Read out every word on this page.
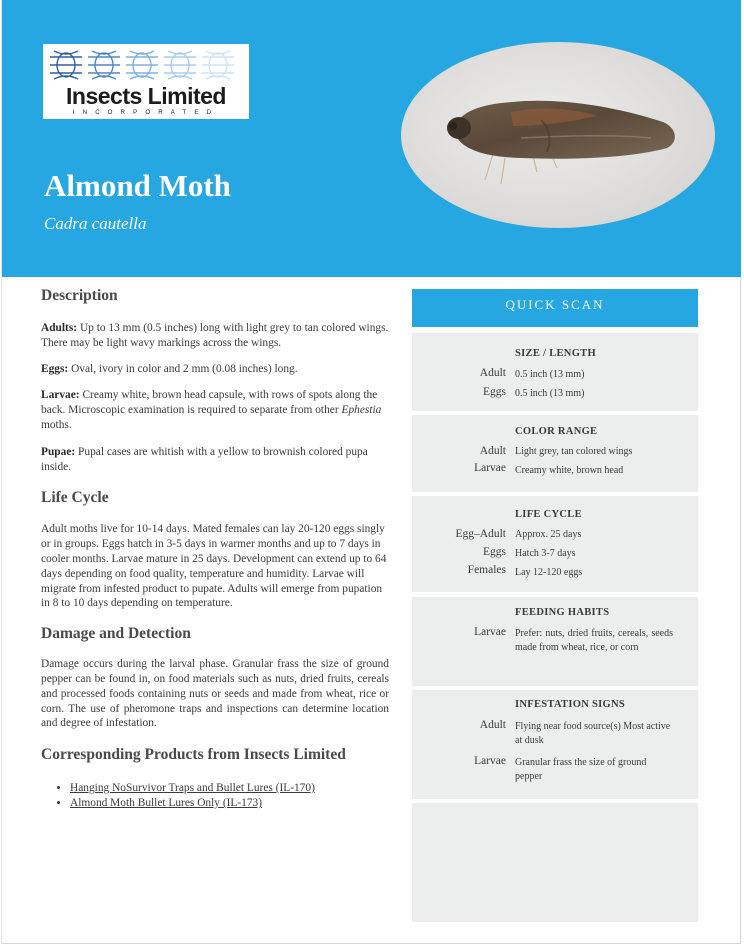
Insects Limited
INCORPORATED
Almond Moth
Cadra cautella
Description

Adults: Up to 13 mm (0.5 inches) long with light grey to tan colored wings. There may be light wavy markings across the wings.

Eggs: Oval, ivory in color and 2 mm (0.08 inches) long.

Larvae: Creamy white, brown head capsule, with rows of spots along the back. Microscopic examination is required to separate from other Ephestia moths.

Pupae: Pupal cases are whitish with a yellow to brownish colored pupa inside.

Life Cycle

Adult moths live for 10-14 days. Mated females can lay 20-120 eggs singly or in groups. Eggs hatch in 3-5 days in warmer months and up to 7 days in cooler months. Larvae mature in 25 days. Development can extend up to 64 days depending on food quality, temperature and humidity. Larvae will migrate from infested product to pupate. Adults will emerge from pupation in 8 to 10 days depending on temperature.

Damage and Detection

Damage occurs during the larval phase. Granular frass the size of ground pepper can be found in, on food materials such as nuts, dried fruits, cereals and processed foods containing nuts or seeds and made from wheat, rice or corn. The use of pheromone traps and inspections can determine location and degree of infestation.

Corresponding Products from Insects Limited
• Hanging NoSurvivor Traps and Bullet Lures (IL-170)
• Almond Moth Bullet Lures Only (IL-173)
QUICK SCAN
SIZE / LENGTH
Adult 0.5 inch (13 mm)
Eggs 0.5 inch (13 mm)
COLOR RANGE
Adult Light grey, tan colored wings
Larvae Creamy white, brown head
LIFE CYCLE
Egg–Adult Approx. 25 days
Eggs Hatch 3-7 days
Females Lay 12-120 eggs
FEEDING HABITS
Larvae Prefer: nuts, dried fruits, cereals, seeds made from wheat, rice, or corn
INFESTATION SIGNS
Adult Flying near food source(s) Most active at dusk
Larvae Granular frass the size of ground pepper
